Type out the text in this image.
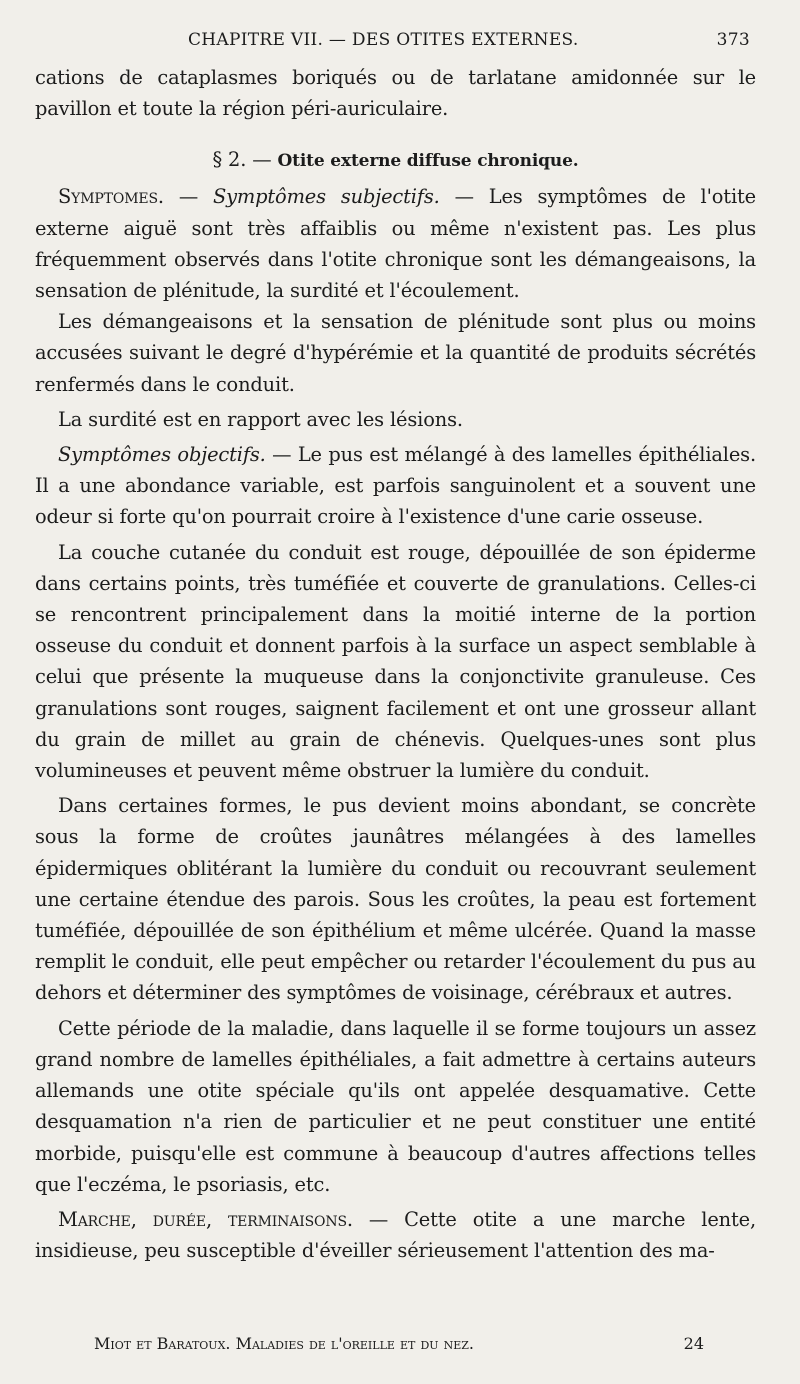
CHAPITRE VII. — DES OTITES EXTERNES.	373

cations de cataplasmes boriqués ou de tarlatane amidonnée sur le pavillon et toute la région péri-auriculaire.

§ 2. — Otite externe diffuse chronique.

Symptomes. — Symptômes subjectifs. — Les symptômes de l'otite externe aiguë sont très affaiblis ou même n'existent pas. Les plus fréquemment observés dans l'otite chronique sont les démangeaisons, la sensation de plénitude, la surdité et l'écoulement.

Les démangeaisons et la sensation de plénitude sont plus ou moins accusées suivant le degré d'hypérémie et la quantité de produits sécrétés renfermés dans le conduit.

La surdité est en rapport avec les lésions.

Symptômes objectifs. — Le pus est mélangé à des lamelles épithéliales. Il a une abondance variable, est parfois sanguinolent et a souvent une odeur si forte qu'on pourrait croire à l'existence d'une carie osseuse.

La couche cutanée du conduit est rouge, dépouillée de son épiderme dans certains points, très tuméfiée et couverte de granulations. Celles-ci se rencontrent principalement dans la moitié interne de la portion osseuse du conduit et donnent parfois à la surface un aspect semblable à celui que présente la muqueuse dans la conjonctivite granuleuse. Ces granulations sont rouges, saignent facilement et ont une grosseur allant du grain de millet au grain de chénevis. Quelques-unes sont plus volumineuses et peuvent même obstruer la lumière du conduit.

Dans certaines formes, le pus devient moins abondant, se concrète sous la forme de croûtes jaunâtres mélangées à des lamelles épidermiques oblitérant la lumière du conduit ou recouvrant seulement une certaine étendue des parois. Sous les croûtes, la peau est fortement tuméfiée, dépouillée de son épithélium et même ulcérée. Quand la masse remplit le conduit, elle peut empêcher ou retarder l'écoulement du pus au dehors et déterminer des symptômes de voisinage, cérébraux et autres.

Cette période de la maladie, dans laquelle il se forme toujours un assez grand nombre de lamelles épithéliales, a fait admettre à certains auteurs allemands une otite spéciale qu'ils ont appelée desquamative. Cette desquamation n'a rien de particulier et ne peut constituer une entité morbide, puisqu'elle est commune à beaucoup d'autres affections telles que l'eczéma, le psoriasis, etc.

Marche, durée, terminaisons. — Cette otite a une marche lente, insidieuse, peu susceptible d'éveiller sérieusement l'attention des ma-

Miot et Baratoux. Maladies de l'oreille et du nez.	24
